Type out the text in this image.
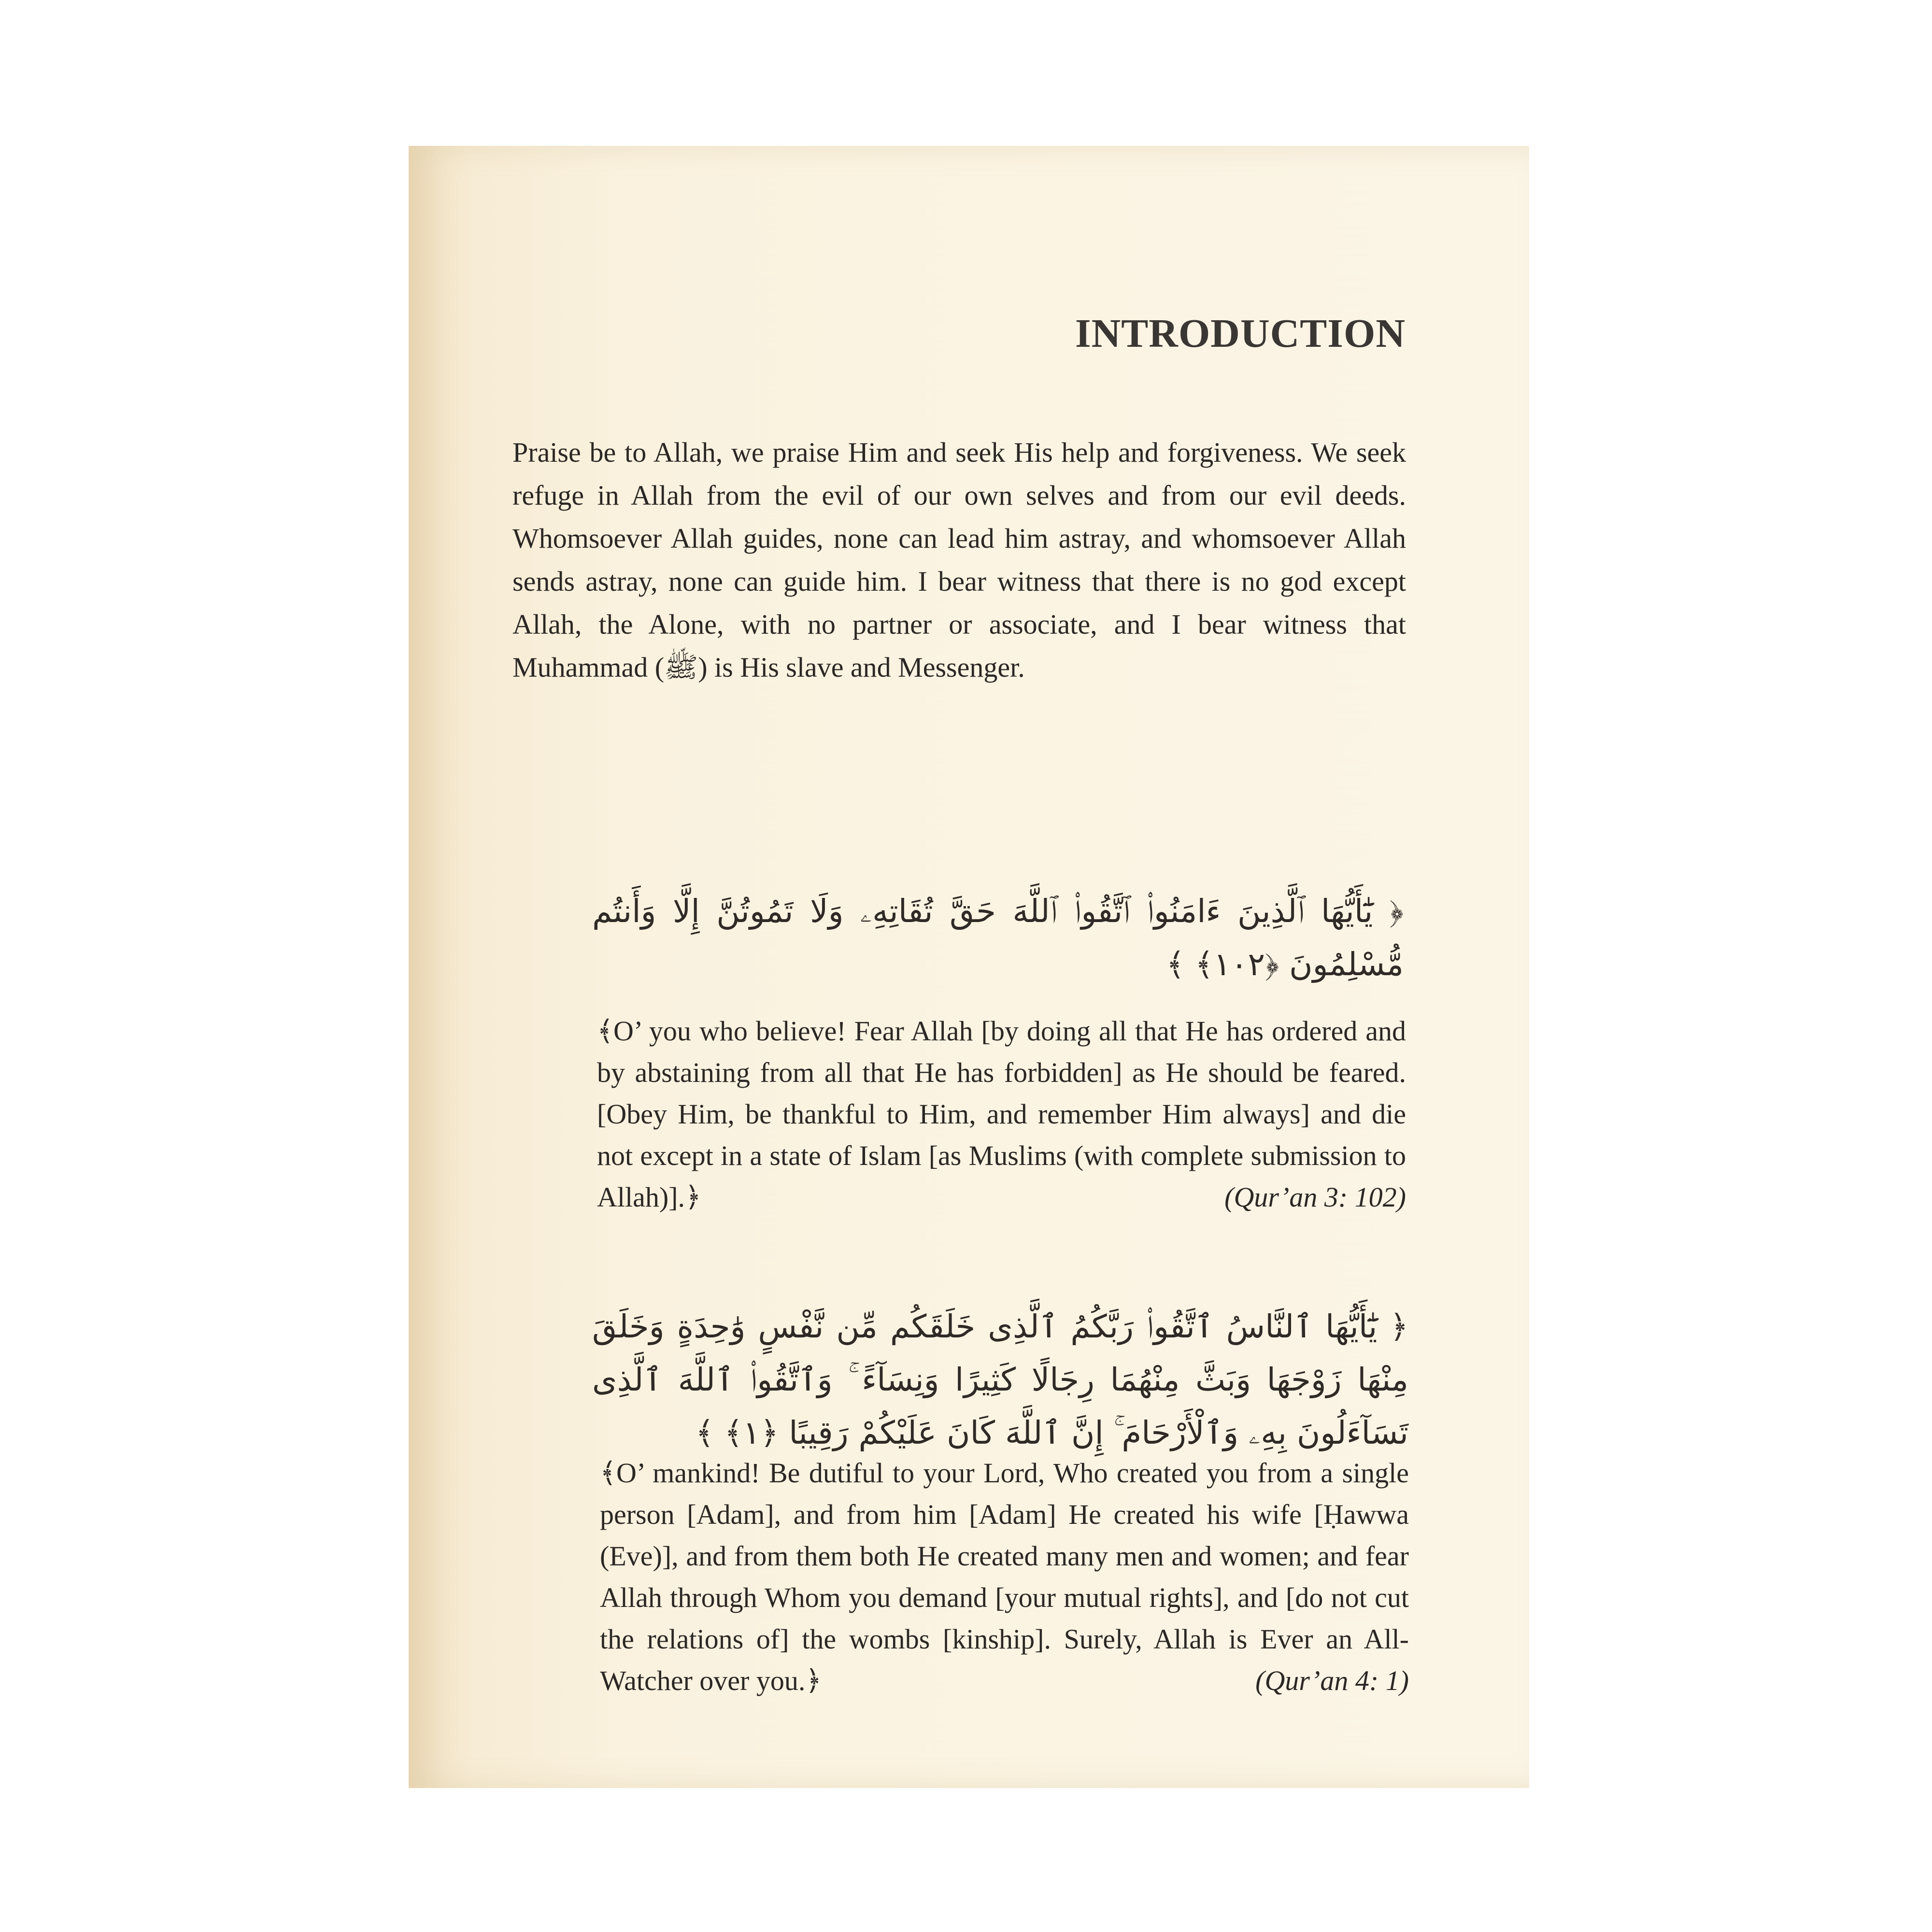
INTRODUCTION

Praise be to Allah, we praise Him and seek His help and forgiveness. We seek refuge in Allah from the evil of our own selves and from our evil deeds. Whomsoever Allah guides, none can lead him astray, and whomsoever Allah sends astray, none can guide him. I bear witness that there is no god except Allah, the Alone, with no partner or associate, and I bear witness that Muhammad (ﷺ) is His slave and Messenger.

﴿ يَٰٓأَيُّهَا ٱلَّذِينَ ءَامَنُوا۟ ٱتَّقُوا۟ ٱللَّهَ حَقَّ تُقَاتِهِۦ وَلَا تَمُوتُنَّ إِلَّا وَأَنتُم مُّسْلِمُونَ ﴿١٠٢﴾ ﴾

﴾O’ you who believe! Fear Allah [by doing all that He has ordered and by abstaining from all that He has forbidden] as He should be feared. [Obey Him, be thankful to Him, and remember Him always] and die not except in a state of Islam [as Muslims (with complete submission to Allah)].﴿	(Qur’an 3: 102)

﴿ يَٰٓأَيُّهَا ٱلنَّاسُ ٱتَّقُوا۟ رَبَّكُمُ ٱلَّذِى خَلَقَكُم مِّن نَّفْسٍ وَٰحِدَةٍ وَخَلَقَ مِنْهَا زَوْجَهَا وَبَثَّ مِنْهُمَا رِجَالًا كَثِيرًا وَنِسَآءً ۚ وَٱتَّقُوا۟ ٱللَّهَ ٱلَّذِى تَسَآءَلُونَ بِهِۦ وَٱلْأَرْحَامَ ۚ إِنَّ ٱللَّهَ كَانَ عَلَيْكُمْ رَقِيبًا ﴿١﴾ ﴾

﴾O’ mankind! Be dutiful to your Lord, Who created you from a single person [Adam], and from him [Adam] He created his wife [Ḥawwa (Eve)], and from them both He created many men and women; and fear Allah through Whom you demand [your mutual rights], and [do not cut the relations of] the wombs [kinship]. Surely, Allah is Ever an All-Watcher over you.﴿	(Qur’an 4: 1)
